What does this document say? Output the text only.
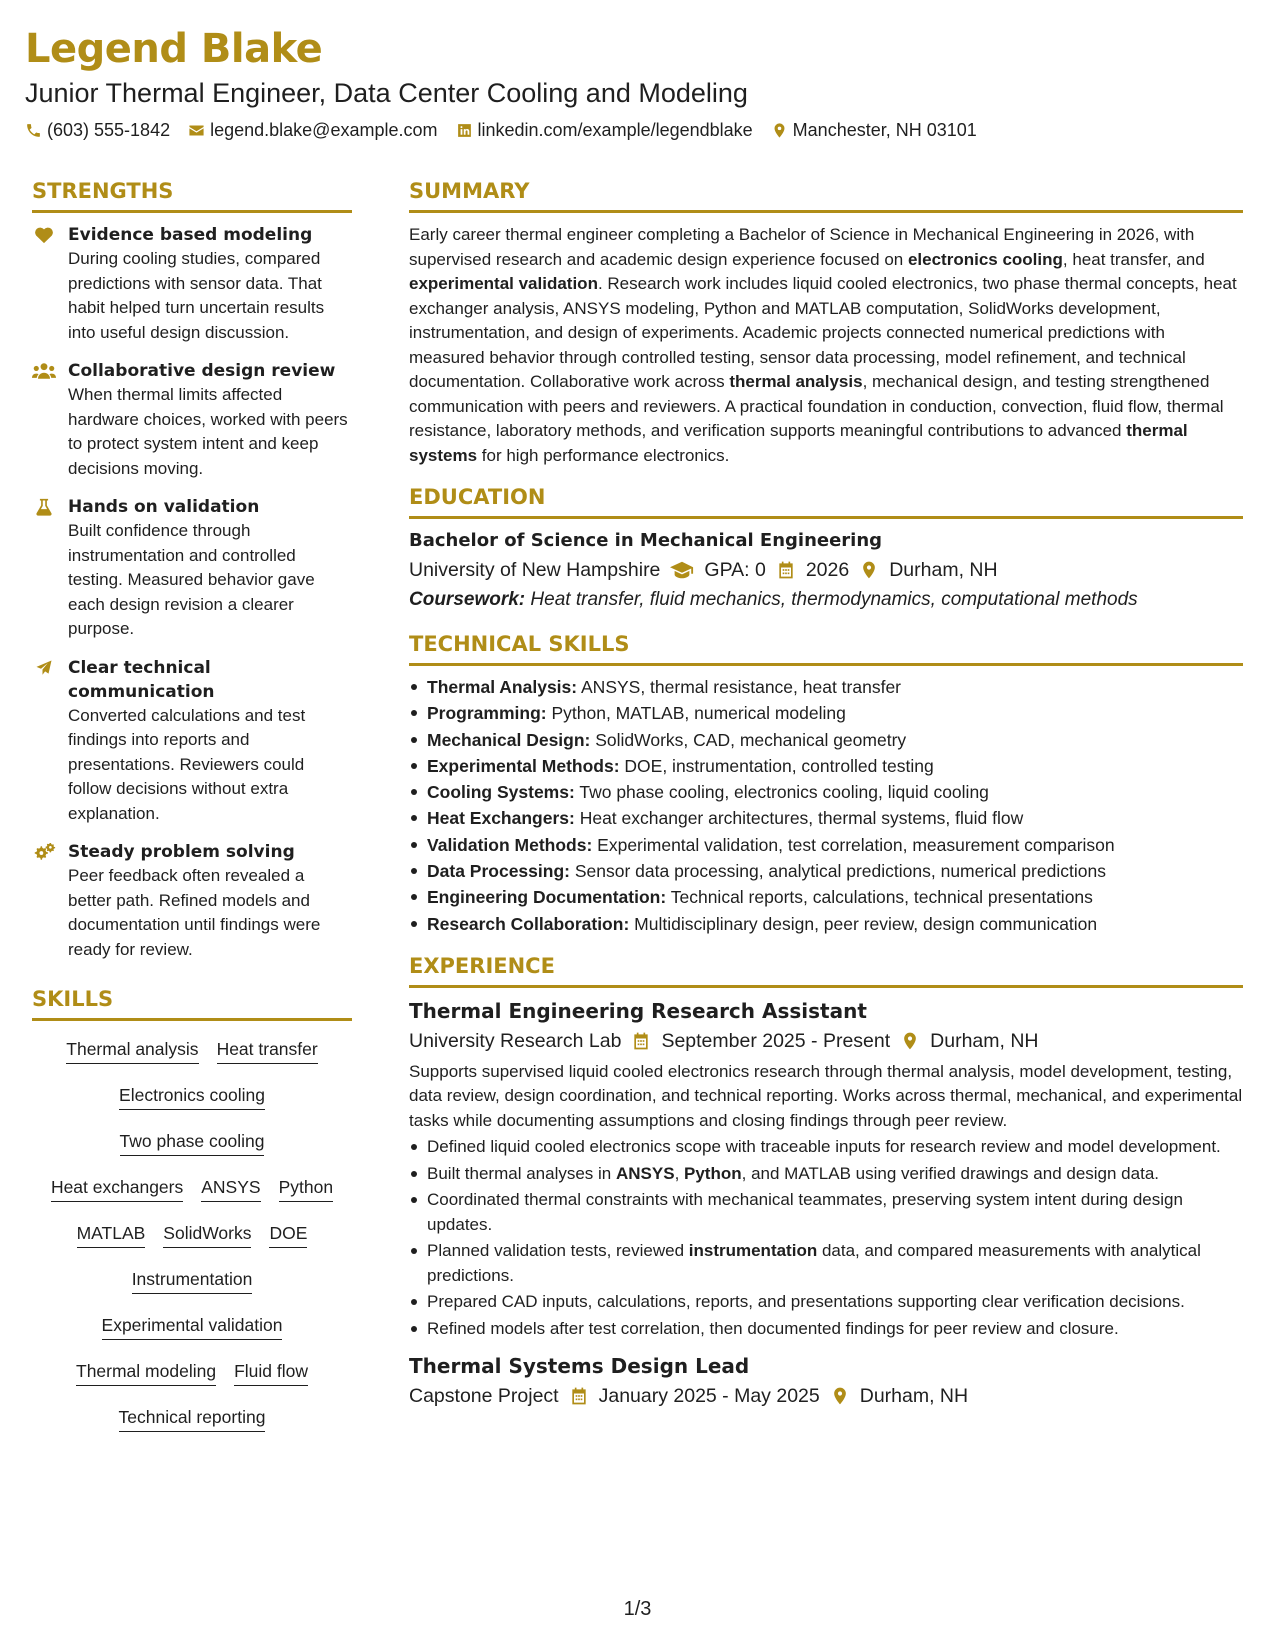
Legend Blake
Junior Thermal Engineer, Data Center Cooling and Modeling
(603) 555-1842 legend.blake@example.com linkedin.com/example/legendblake Manchester, NH 03101
STRENGTHS
Evidence based modeling
During cooling studies, compared predictions with sensor data. That habit helped turn uncertain results into useful design discussion.
Collaborative design review
When thermal limits affected hardware choices, worked with peers to protect system intent and keep decisions moving.
Hands on validation
Built confidence through instrumentation and controlled testing. Measured behavior gave each design revision a clearer purpose.
Clear technical communication
Converted calculations and test findings into reports and presentations. Reviewers could follow decisions without extra explanation.
Steady problem solving
Peer feedback often revealed a better path. Refined models and documentation until findings were ready for review.
SKILLS
Thermal analysis Heat transfer
Electronics cooling
Two phase cooling
Heat exchangers ANSYS Python
MATLAB SolidWorks DOE
Instrumentation
Experimental validation
Thermal modeling Fluid flow
Technical reporting
SUMMARY
Early career thermal engineer completing a Bachelor of Science in Mechanical Engineering in 2026, with supervised research and academic design experience focused on electronics cooling, heat transfer, and experimental validation. Research work includes liquid cooled electronics, two phase thermal concepts, heat exchanger analysis, ANSYS modeling, Python and MATLAB computation, SolidWorks development, instrumentation, and design of experiments. Academic projects connected numerical predictions with measured behavior through controlled testing, sensor data processing, model refinement, and technical documentation. Collaborative work across thermal analysis, mechanical design, and testing strengthened communication with peers and reviewers. A practical foundation in conduction, convection, fluid flow, thermal resistance, laboratory methods, and verification supports meaningful contributions to advanced thermal systems for high performance electronics.
EDUCATION
Bachelor of Science in Mechanical Engineering
University of New Hampshire GPA: 0 2026 Durham, NH
Coursework: Heat transfer, fluid mechanics, thermodynamics, computational methods
TECHNICAL SKILLS
Thermal Analysis: ANSYS, thermal resistance, heat transfer
Programming: Python, MATLAB, numerical modeling
Mechanical Design: SolidWorks, CAD, mechanical geometry
Experimental Methods: DOE, instrumentation, controlled testing
Cooling Systems: Two phase cooling, electronics cooling, liquid cooling
Heat Exchangers: Heat exchanger architectures, thermal systems, fluid flow
Validation Methods: Experimental validation, test correlation, measurement comparison
Data Processing: Sensor data processing, analytical predictions, numerical predictions
Engineering Documentation: Technical reports, calculations, technical presentations
Research Collaboration: Multidisciplinary design, peer review, design communication
EXPERIENCE
Thermal Engineering Research Assistant
University Research Lab September 2025 - Present Durham, NH
Supports supervised liquid cooled electronics research through thermal analysis, model development, testing, data review, design coordination, and technical reporting. Works across thermal, mechanical, and experimental tasks while documenting assumptions and closing findings through peer review.
Defined liquid cooled electronics scope with traceable inputs for research review and model development.
Built thermal analyses in ANSYS, Python, and MATLAB using verified drawings and design data.
Coordinated thermal constraints with mechanical teammates, preserving system intent during design updates.
Planned validation tests, reviewed instrumentation data, and compared measurements with analytical predictions.
Prepared CAD inputs, calculations, reports, and presentations supporting clear verification decisions.
Refined models after test correlation, then documented findings for peer review and closure.
Thermal Systems Design Lead
Capstone Project January 2025 - May 2025 Durham, NH
1/3
